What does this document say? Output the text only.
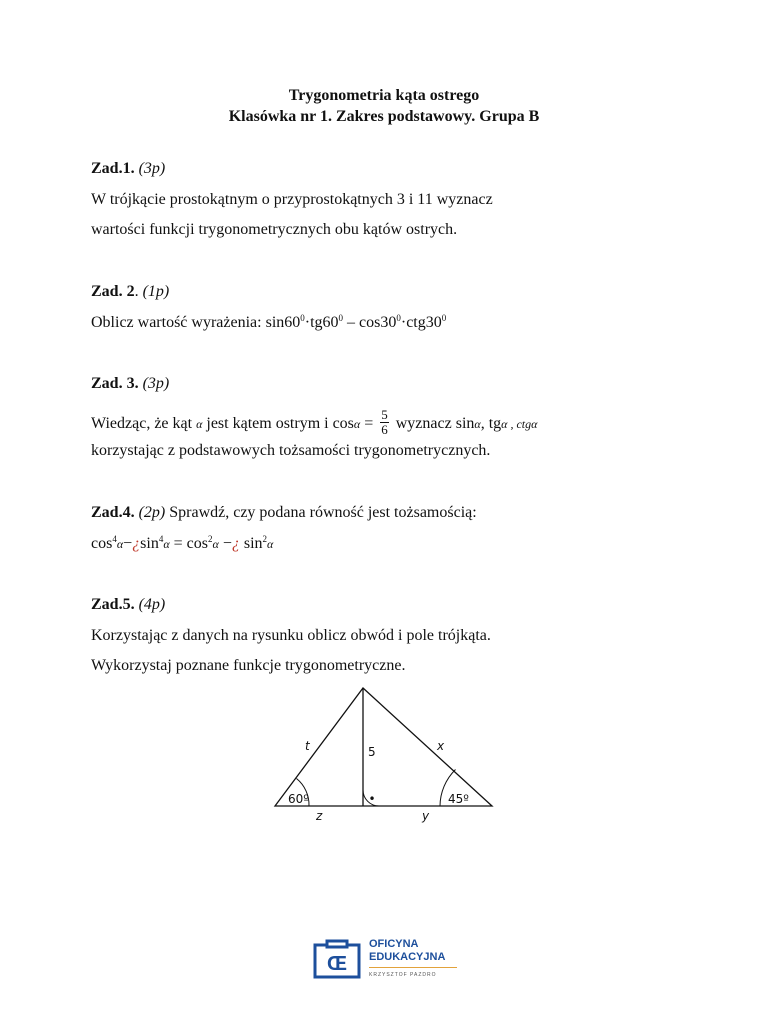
Trygonometria kąta ostrego
Klasówka nr 1. Zakres podstawowy. Grupa B
Zad.1. (3p)
W trójkącie prostokątnym o przyprostokątnych 3 i 11 wyznacz
wartości funkcji trygonometrycznych obu kątów ostrych.
Zad. 2. (1p)
Oblicz wartość wyrażenia: $\sin 60^0\cdot tg60^0 - \cos 30^0\cdot ctg30^0$
Zad. 3. (3p)
Wiedząc, że kąt α jest kątem ostrym i $\cos\alpha = \frac{5}{6}$ wyznacz sinα, tgα , ctgα
korzystając z podstawowych tożsamości trygonometrycznych.
Zad.4. (2p) Sprawdź, czy podana równość jest tożsamością:
$\cos^4\alpha-¿\sin^4\alpha = \cos^2\alpha$ −¿ $\sin^2\alpha$
Zad.5. (4p)
Korzystając z danych na rysunku oblicz obwód i pole trójkąta.
Wykorzystaj poznane funkcje trygonometryczne.
•
t	x
5
60º	45º
z	y
Œ
OFICYNA
EDUKACYJNA
KRZYSZTOF PAZDRO
